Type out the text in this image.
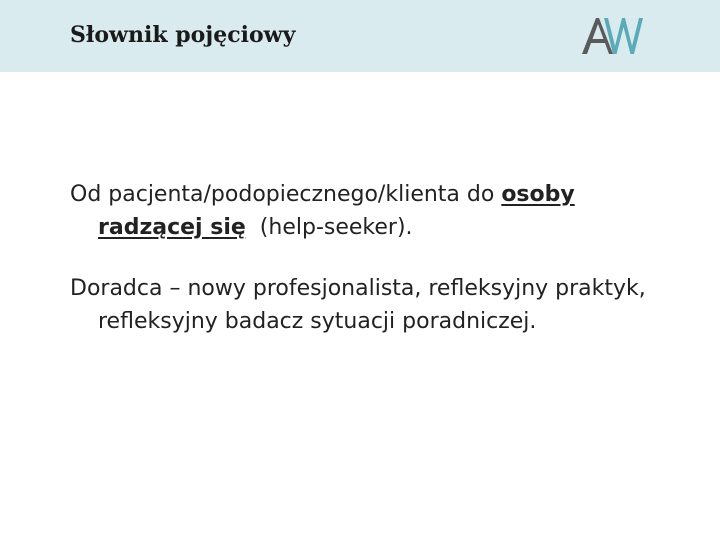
Słownik pojęciowy

Od pacjenta/podopiecznego/klienta do osoby radzącej się  (help-seeker).

Doradca – nowy profesjonalista, refleksyjny praktyk, refleksyjny badacz sytuacji poradniczej.
